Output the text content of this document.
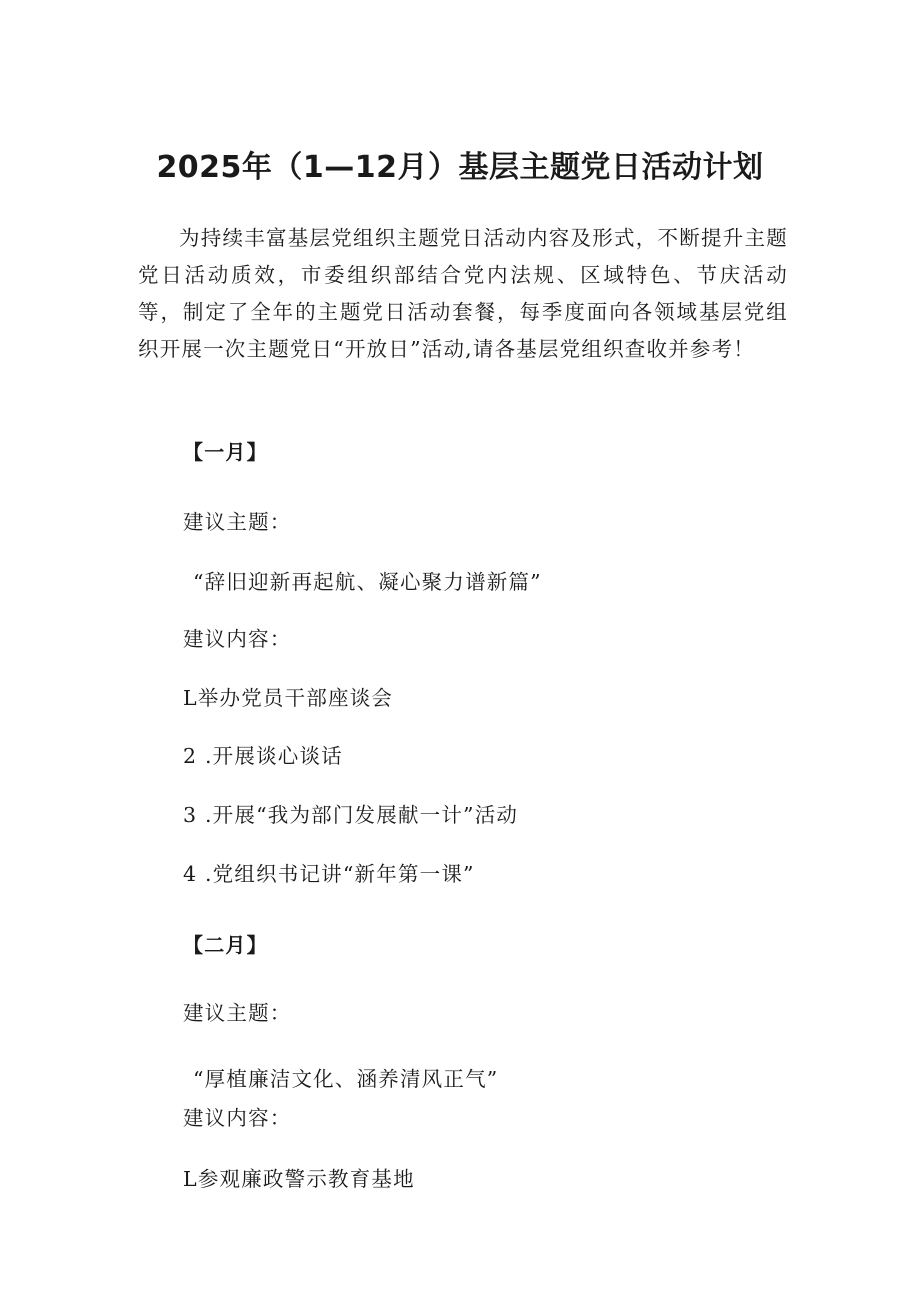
2025年（1—12月）基层主题党日活动计划

为持续丰富基层党组织主题党日活动内容及形式，不断提升主题党日活动质效，市委组织部结合党内法规、区域特色、节庆活动等，制定了全年的主题党日活动套餐，每季度面向各领域基层党组织开展一次主题党日“开放日”活动,请各基层党组织查收并参考！

【一月】
建议主题：
“辞旧迎新再起航、凝心聚力谱新篇”
建议内容：
L举办党员干部座谈会
2 .开展谈心谈话
3 .开展“我为部门发展献一计”活动
4 .党组织书记讲“新年第一课”
【二月】
建议主题：
“厚植廉洁文化、涵养清风正气”
建议内容：
L参观廉政警示教育基地
